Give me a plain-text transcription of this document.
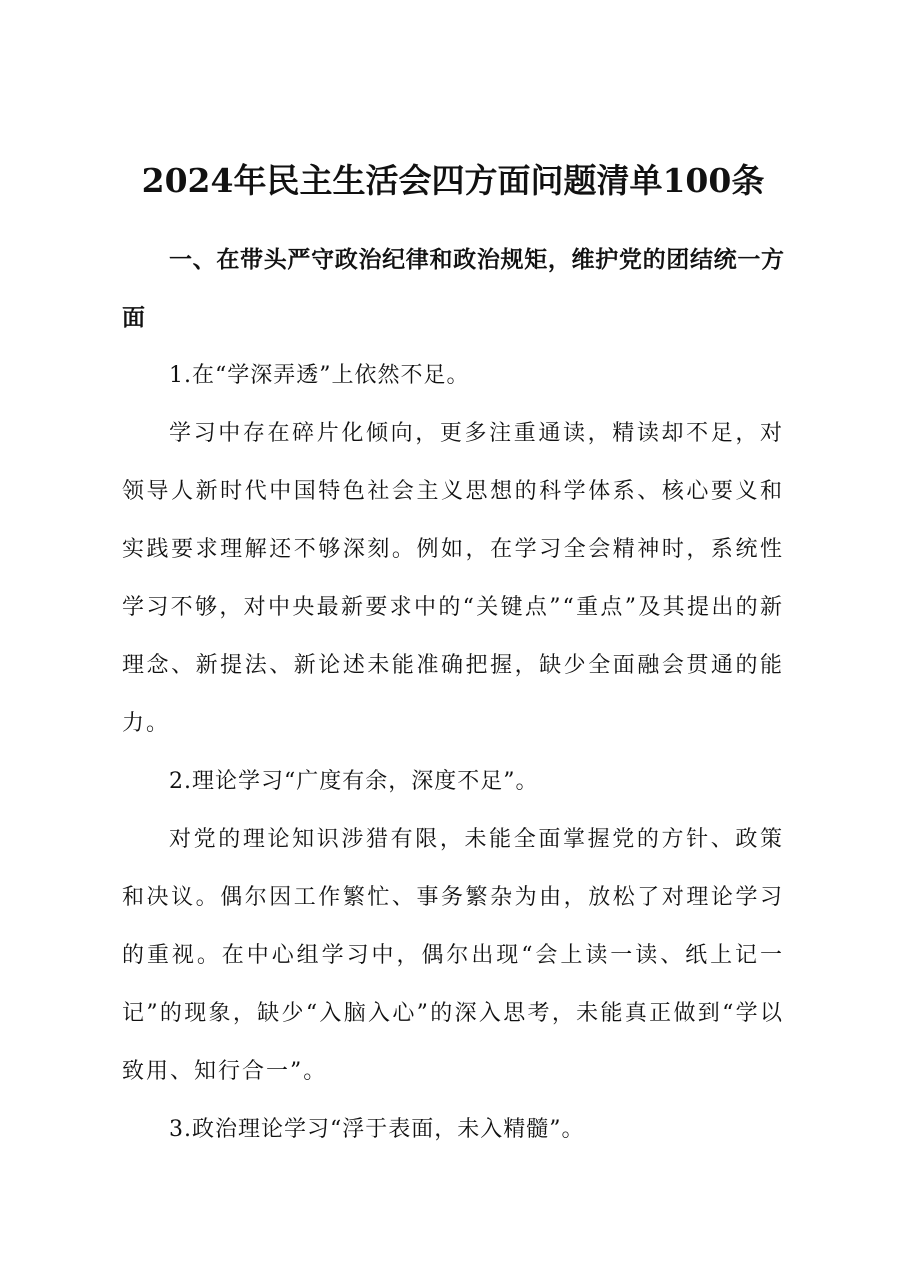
2024年民主生活会四方面问题清单100条

一、在带头严守政治纪律和政治规矩，维护党的团结统一方面

1.在“学深弄透”上依然不足。

学习中存在碎片化倾向，更多注重通读，精读却不足，对领导人新时代中国特色社会主义思想的科学体系、核心要义和实践要求理解还不够深刻。例如，在学习全会精神时，系统性学习不够，对中央最新要求中的“关键点”“重点”及其提出的新理念、新提法、新论述未能准确把握，缺少全面融会贯通的能力。

2.理论学习“广度有余，深度不足”。

对党的理论知识涉猎有限，未能全面掌握党的方针、政策和决议。偶尔因工作繁忙、事务繁杂为由，放松了对理论学习的重视。在中心组学习中，偶尔出现“会上读一读、纸上记一记”的现象，缺少“入脑入心”的深入思考，未能真正做到“学以致用、知行合一”。

3.政治理论学习“浮于表面，未入精髓”。
